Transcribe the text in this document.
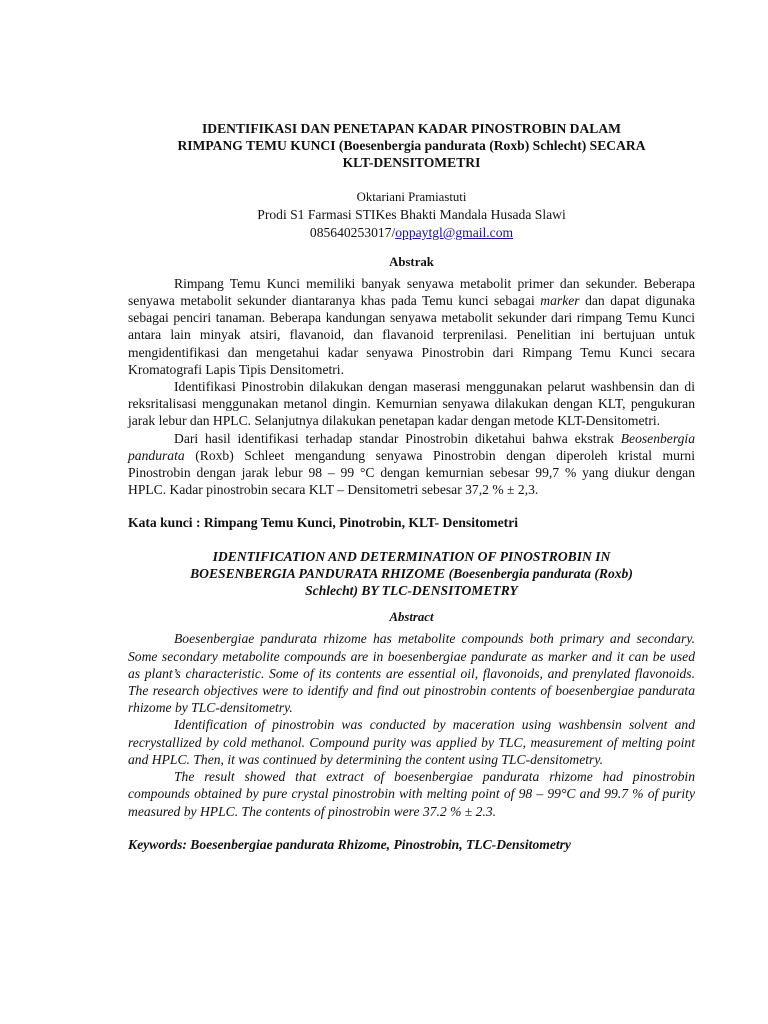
IDENTIFIKASI DAN PENETAPAN KADAR PINOSTROBIN DALAM
RIMPANG TEMU KUNCI (Boesenbergia pandurata (Roxb) Schlecht) SECARA
KLT-DENSITOMETRI
Oktariani Pramiastuti
Prodi S1 Farmasi STIKes Bhakti Mandala Husada Slawi
085640253017/oppaytgl@gmail.com
Abstrak

Rimpang Temu Kunci memiliki banyak senyawa metabolit primer dan sekunder. Beberapa senyawa metabolit sekunder diantaranya khas pada Temu kunci sebagai marker dan dapat digunaka sebagai penciri tanaman. Beberapa kandungan senyawa metabolit sekunder dari rimpang Temu Kunci antara lain minyak atsiri, flavanoid, dan flavanoid terprenilasi. Penelitian ini bertujuan untuk mengidentifikasi dan mengetahui kadar senyawa Pinostrobin dari Rimpang Temu Kunci secara Kromatografi Lapis Tipis Densitometri.

Identifikasi Pinostrobin dilakukan dengan maserasi menggunakan pelarut washbensin dan di reksritalisasi menggunakan metanol dingin. Kemurnian senyawa dilakukan dengan KLT, pengukuran jarak lebur dan HPLC. Selanjutnya dilakukan penetapan kadar dengan metode KLT-Densitometri.

Dari hasil identifikasi terhadap standar Pinostrobin diketahui bahwa ekstrak Beosenbergia pandurata (Roxb) Schleet mengandung senyawa Pinostrobin dengan diperoleh kristal murni Pinostrobin dengan jarak lebur 98 – 99 °C dengan kemurnian sebesar 99,7 % yang diukur dengan HPLC. Kadar pinostrobin secara KLT – Densitometri sebesar 37,2 % ± 2,3.

Kata kunci : Rimpang Temu Kunci, Pinotrobin, KLT- Densitometri
IDENTIFICATION AND DETERMINATION OF PINOSTROBIN IN
BOESENBERGIA PANDURATA RHIZOME (Boesenbergia pandurata (Roxb)
Schlecht) BY TLC-DENSITOMETRY
Abstract

Boesenbergiae pandurata rhizome has metabolite compounds both primary and secondary. Some secondary metabolite compounds are in boesenbergiae pandurate as marker and it can be used as plant’s characteristic. Some of its contents are essential oil, flavonoids, and prenylated flavonoids. The research objectives were to identify and find out pinostrobin contents of boesenbergiae pandurata rhizome by TLC-densitometry.

Identification of pinostrobin was conducted by maceration using washbensin solvent and recrystallized by cold methanol. Compound purity was applied by TLC, measurement of melting point and HPLC. Then, it was continued by determining the content using TLC-densitometry.

The result showed that extract of boesenbergiae pandurata rhizome had pinostrobin compounds obtained by pure crystal pinostrobin with melting point of 98 – 99°C and 99.7 % of purity measured by HPLC. The contents of pinostrobin were 37.2 % ± 2.3.

Keywords: Boesenbergiae pandurata Rhizome, Pinostrobin, TLC-Densitometry
